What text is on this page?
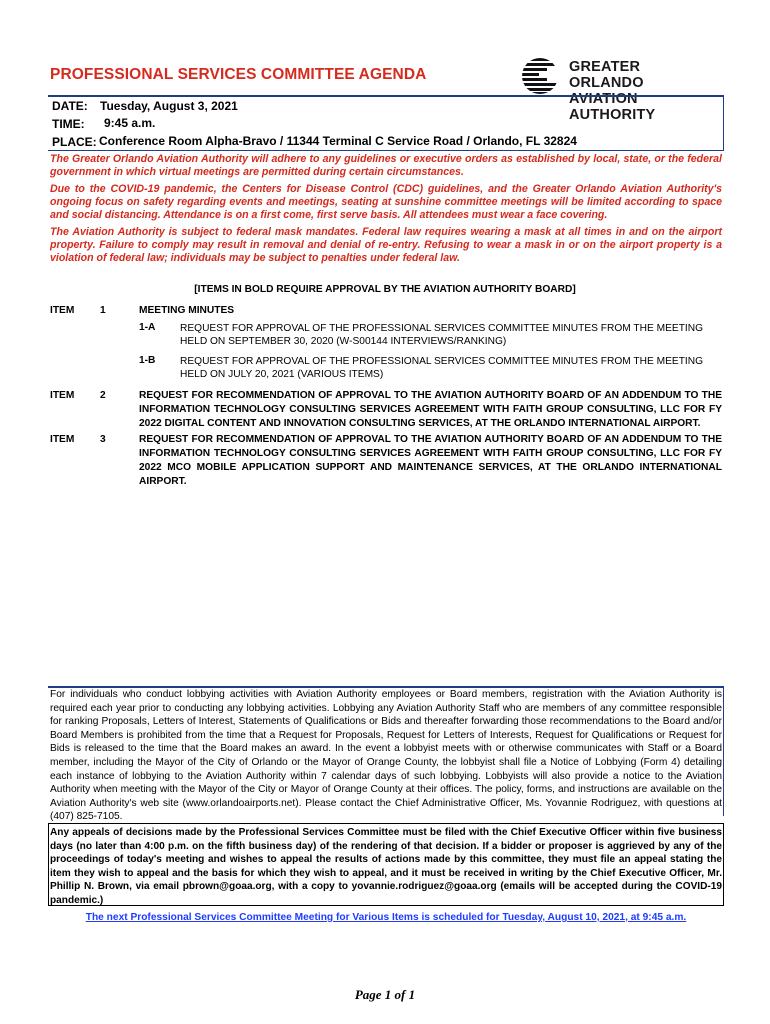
PROFESSIONAL SERVICES COMMITTEE AGENDA	GREATER ORLANDO
AVIATION AUTHORITY
DATE: Tuesday, August 3, 2021
TIME: 9:45 a.m.
PLACE: Conference Room Alpha-Bravo / 11344 Terminal C Service Road / Orlando, FL 32824
The Greater Orlando Aviation Authority will adhere to any guidelines or executive orders as established by local, state, or the federal government in which virtual meetings are permitted during certain circumstances.
Due to the COVID-19 pandemic, the Centers for Disease Control (CDC) guidelines, and the Greater Orlando Aviation Authority's ongoing focus on safety regarding events and meetings, seating at sunshine committee meetings will be limited according to space and social distancing. Attendance is on a first come, first serve basis. All attendees must wear a face covering.
The Aviation Authority is subject to federal mask mandates. Federal law requires wearing a mask at all times in and on the airport property. Failure to comply may result in removal and denial of re-entry. Refusing to wear a mask in or on the airport property is a violation of federal law; individuals may be subject to penalties under federal law.
[ITEMS IN BOLD REQUIRE APPROVAL BY THE AVIATION AUTHORITY BOARD]
ITEM	1	MEETING MINUTES
1-A REQUEST FOR APPROVAL OF THE PROFESSIONAL SERVICES COMMITTEE MINUTES FROM THE MEETING HELD ON SEPTEMBER 30, 2020 (W-S00144 INTERVIEWS/RANKING)
1-B REQUEST FOR APPROVAL OF THE PROFESSIONAL SERVICES COMMITTEE MINUTES FROM THE MEETING HELD ON JULY 20, 2021 (VARIOUS ITEMS)
ITEM	2	REQUEST FOR RECOMMENDATION OF APPROVAL TO THE AVIATION AUTHORITY BOARD OF AN ADDENDUM TO THE INFORMATION TECHNOLOGY CONSULTING SERVICES AGREEMENT WITH FAITH GROUP CONSULTING, LLC FOR FY 2022 DIGITAL CONTENT AND INNOVATION CONSULTING SERVICES, AT THE ORLANDO INTERNATIONAL AIRPORT.
ITEM	3	REQUEST FOR RECOMMENDATION OF APPROVAL TO THE AVIATION AUTHORITY BOARD OF AN ADDENDUM TO THE INFORMATION TECHNOLOGY CONSULTING SERVICES AGREEMENT WITH FAITH GROUP CONSULTING, LLC FOR FY 2022 MCO MOBILE APPLICATION SUPPORT AND MAINTENANCE SERVICES, AT THE ORLANDO INTERNATIONAL AIRPORT.
For individuals who conduct lobbying activities with Aviation Authority employees or Board members, registration with the Aviation Authority is required each year prior to conducting any lobbying activities. Lobbying any Aviation Authority Staff who are members of any committee responsible for ranking Proposals, Letters of Interest, Statements of Qualifications or Bids and thereafter forwarding those recommendations to the Board and/or Board Members is prohibited from the time that a Request for Proposals, Request for Letters of Interests, Request for Qualifications or Request for Bids is released to the time that the Board makes an award. In the event a lobbyist meets with or otherwise communicates with Staff or a Board member, including the Mayor of the City of Orlando or the Mayor of Orange County, the lobbyist shall file a Notice of Lobbying (Form 4) detailing each instance of lobbying to the Aviation Authority within 7 calendar days of such lobbying. Lobbyists will also provide a notice to the Aviation Authority when meeting with the Mayor of the City or Mayor of Orange County at their offices. The policy, forms, and instructions are available on the Aviation Authority's web site (www.orlandoairports.net). Please contact the Chief Administrative Officer, Ms. Yovannie Rodriguez, with questions at (407) 825-7105.
Any appeals of decisions made by the Professional Services Committee must be filed with the Chief Executive Officer within five business days (no later than 4:00 p.m. on the fifth business day) of the rendering of that decision. If a bidder or proposer is aggrieved by any of the proceedings of today's meeting and wishes to appeal the results of actions made by this committee, they must file an appeal stating the item they wish to appeal and the basis for which they wish to appeal, and it must be received in writing by the Chief Executive Officer, Mr. Phillip N. Brown, via email pbrown@goaa.org, with a copy to yovannie.rodriguez@goaa.org (emails will be accepted during the COVID-19 pandemic.)
The next Professional Services Committee Meeting for Various Items is scheduled for Tuesday, August 10, 2021, at 9:45 a.m.
Page 1 of 1
